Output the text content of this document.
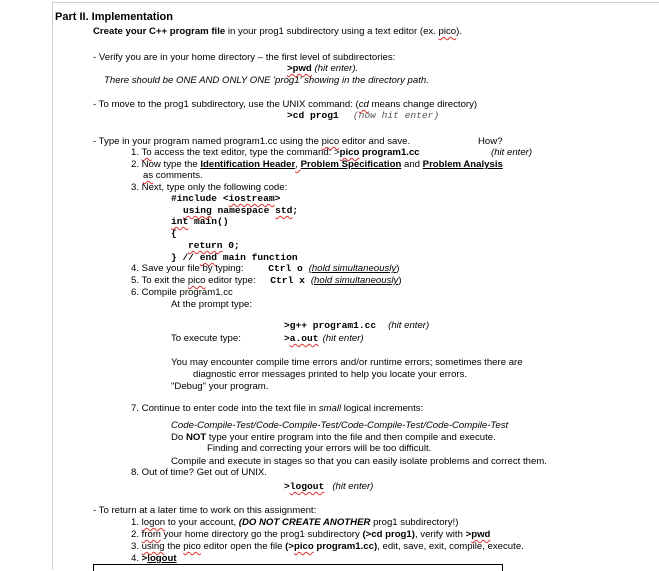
Part II. Implementation
Create your C++ program file in your prog1 subdirectory using a text editor (ex. pico).
- Verify you are in your home directory – the first level of subdirectories:
>pwd (hit enter).
There should be ONE AND ONLY ONE 'prog1' showing in the directory path.
- To move to the prog1 subdirectory, use the UNIX command: (cd means change directory)
>cd prog1 (now hit enter)
- Type in your program named program1.cc using the pico editor and save.	How?
1. To access the text editor, type the command: >pico program1.cc	(hit enter)
2. Now type the Identification Header, Problem Specification and Problem Analysis
as comments.
3. Next, type only the following code:
#include <iostream>
using namespace std;
int main()
{
return 0;
} // end main function
4. Save your file by typing: Ctrl o (hold simultaneously)
5. To exit the pico editor type: Ctrl x (hold simultaneously)
6. Compile program1.cc
At the prompt type:
>g++ program1.cc (hit enter)
To execute type:	>a.out (hit enter)
You may encounter compile time errors and/or runtime errors; sometimes there are
diagnostic error messages printed to help you locate your errors.
"Debug" your program.
7. Continue to enter code into the text file in small logical increments:
Code-Compile-Test/Code-Compile-Test/Code-Compile-Test/Code-Compile-Test
Do NOT type your entire program into the file and then compile and execute.
Finding and correcting your errors will be too difficult.
Compile and execute in stages so that you can easily isolate problems and correct them.
8. Out of time? Get out of UNIX.
>logout (hit enter)
- To return at a later time to work on this assignment:
1. logon to your account, (DO NOT CREATE ANOTHER prog1 subdirectory!)
2. from your home directory go the prog1 subdirectory (>cd prog1), verify with >pwd
3. using the pico editor open the file (>pico program1.cc), edit, save, exit, compile, execute.
4. >logout
